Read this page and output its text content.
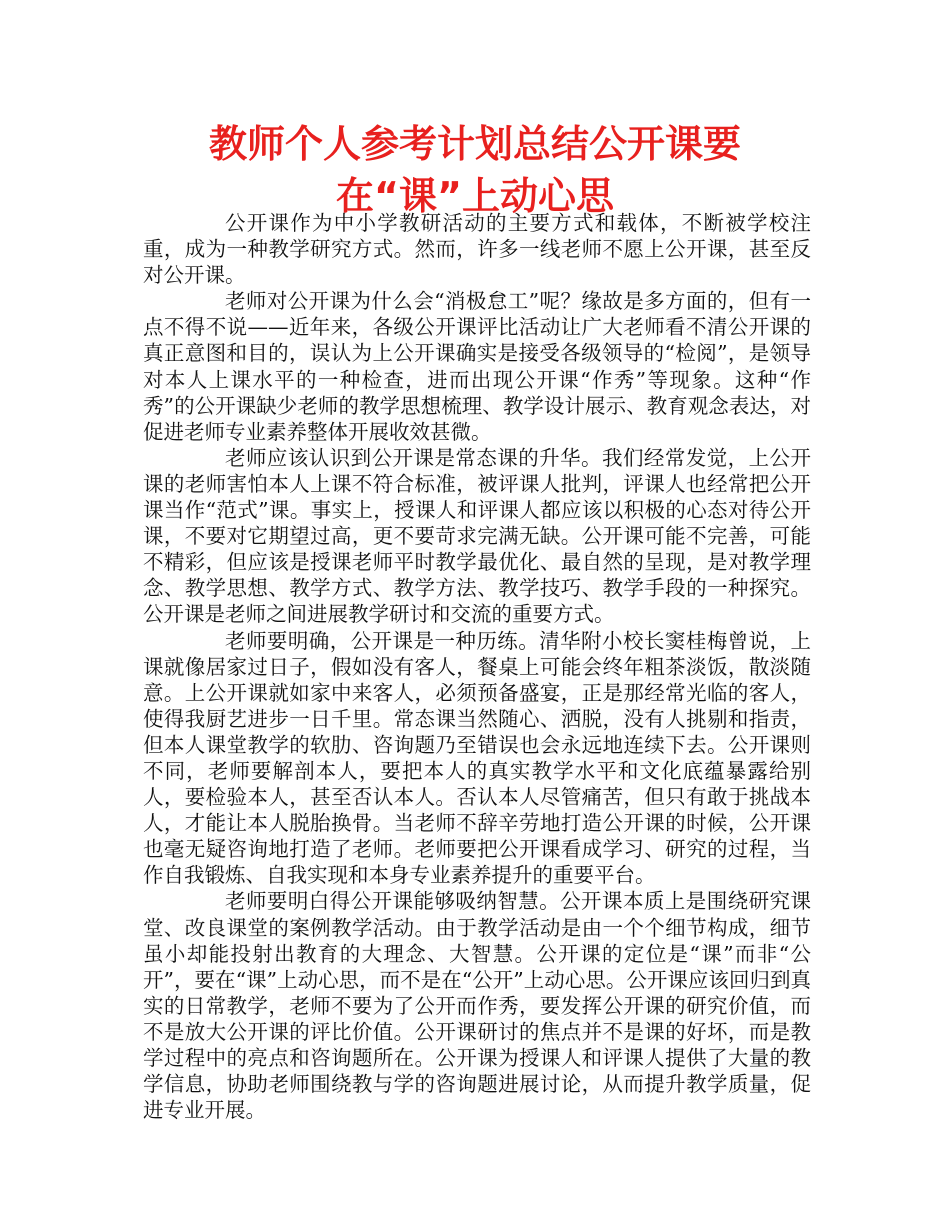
教师个人参考计划总结公开课要在“课”上动心思

公开课作为中小学教研活动的主要方式和载体，不断被学校注重，成为一种教学研究方式。然而，许多一线老师不愿上公开课，甚至反对公开课。

老师对公开课为什么会“消极怠工”呢？缘故是多方面的，但有一点不得不说——近年来，各级公开课评比活动让广大老师看不清公开课的真正意图和目的，误认为上公开课确实是接受各级领导的“检阅”，是领导对本人上课水平的一种检查，进而出现公开课“作秀”等现象。这种“作秀”的公开课缺少老师的教学思想梳理、教学设计展示、教育观念表达，对促进老师专业素养整体开展收效甚微。

老师应该认识到公开课是常态课的升华。我们经常发觉，上公开课的老师害怕本人上课不符合标准，被评课人批判，评课人也经常把公开课当作“范式”课。事实上，授课人和评课人都应该以积极的心态对待公开课，不要对它期望过高，更不要苛求完满无缺。公开课可能不完善，可能不精彩，但应该是授课老师平时教学最优化、最自然的呈现，是对教学理念、教学思想、教学方式、教学方法、教学技巧、教学手段的一种探究。公开课是老师之间进展教学研讨和交流的重要方式。

老师要明确，公开课是一种历练。清华附小校长窦桂梅曾说，上课就像居家过日子，假如没有客人，餐桌上可能会终年粗茶淡饭，散淡随意。上公开课就如家中来客人，必须预备盛宴，正是那经常光临的客人，使得我厨艺进步一日千里。常态课当然随心、洒脱，没有人挑剔和指责，但本人课堂教学的软肋、咨询题乃至错误也会永远地连续下去。公开课则不同，老师要解剖本人，要把本人的真实教学水平和文化底蕴暴露给别人，要检验本人，甚至否认本人。否认本人尽管痛苦，但只有敢于挑战本人，才能让本人脱胎换骨。当老师不辞辛劳地打造公开课的时候，公开课也毫无疑咨询地打造了老师。老师要把公开课看成学习、研究的过程，当作自我锻炼、自我实现和本身专业素养提升的重要平台。

老师要明白得公开课能够吸纳智慧。公开课本质上是围绕研究课堂、改良课堂的案例教学活动。由于教学活动是由一个个细节构成，细节虽小却能投射出教育的大理念、大智慧。公开课的定位是“课”而非“公开”，要在“课”上动心思，而不是在“公开”上动心思。公开课应该回归到真实的日常教学，老师不要为了公开而作秀，要发挥公开课的研究价值，而不是放大公开课的评比价值。公开课研讨的焦点并不是课的好坏，而是教学过程中的亮点和咨询题所在。公开课为授课人和评课人提供了大量的教学信息，协助老师围绕教与学的咨询题进展讨论，从而提升教学质量，促进专业开展。
